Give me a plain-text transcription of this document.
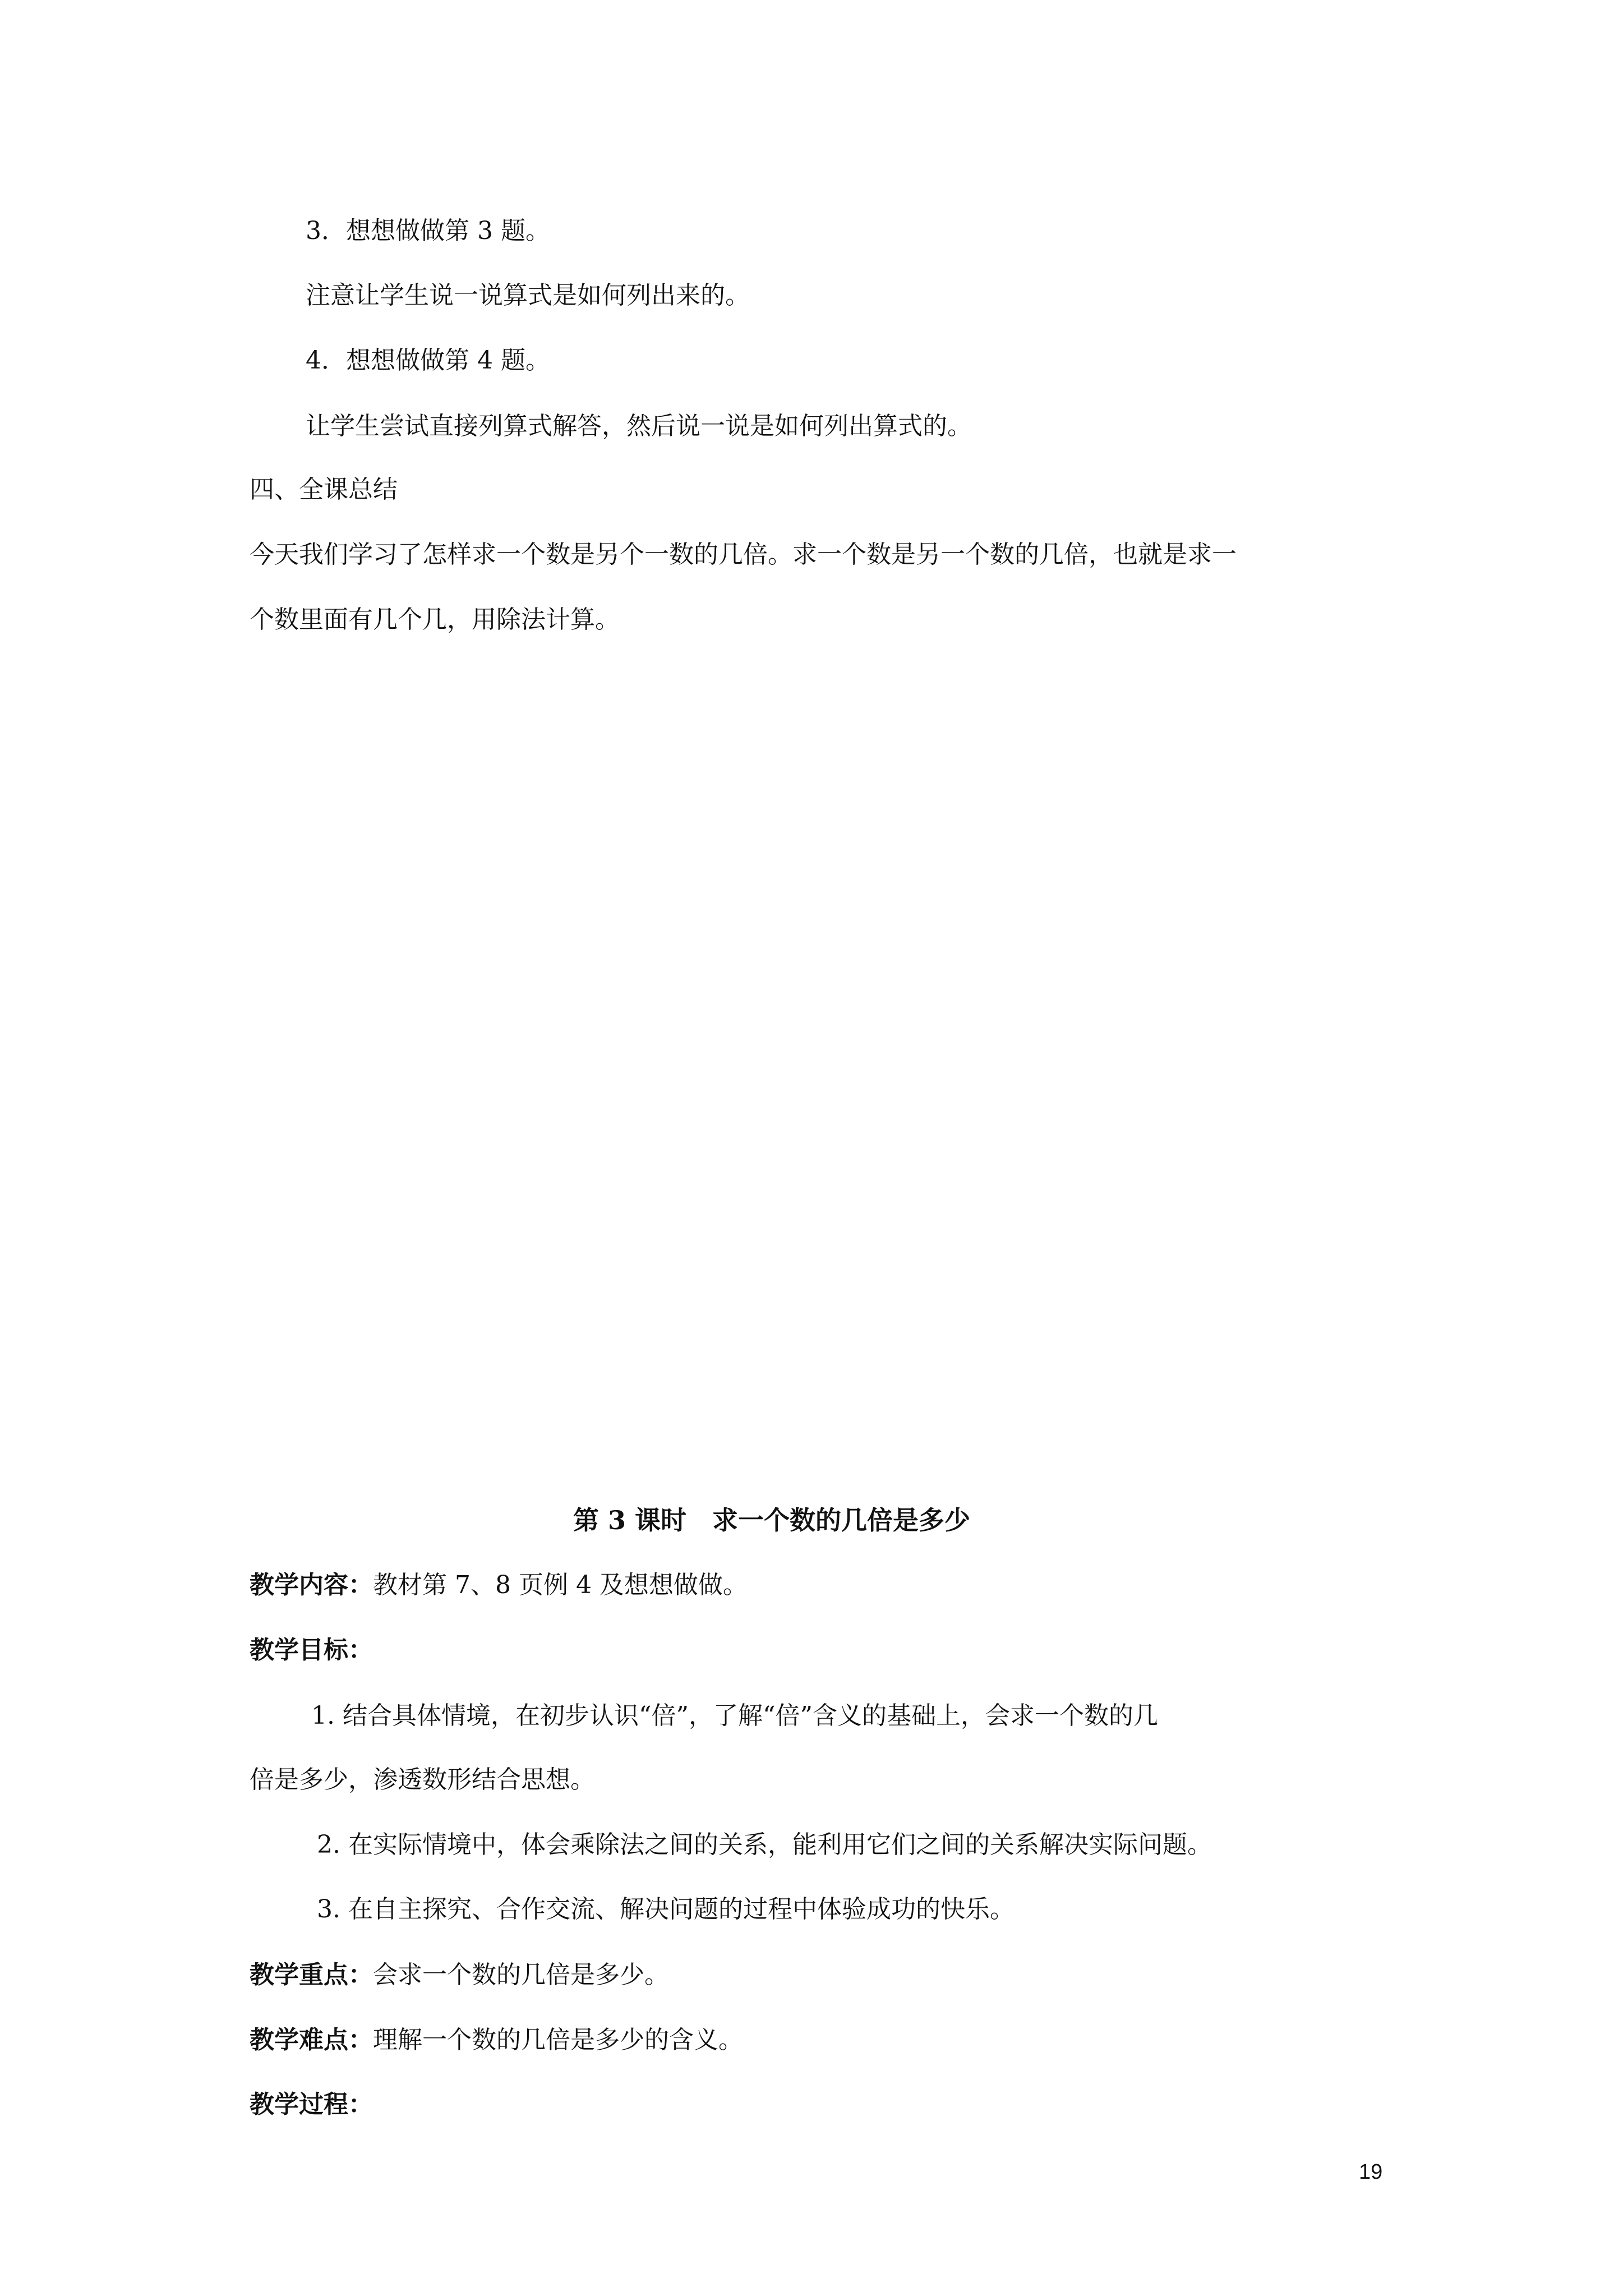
3．想想做做第 3 题。
注意让学生说一说算式是如何列出来的。
4．想想做做第 4 题。
让学生尝试直接列算式解答，然后说一说是如何列出算式的。
四、全课总结
今天我们学习了怎样求一个数是另个一数的几倍。求一个数是另一个数的几倍，也就是求一
个数里面有几个几，用除法计算。
第 3 课时　求一个数的几倍是多少
教学内容：教材第 7、8 页例 4 及想想做做。
教学目标：
1. 结合具体情境，在初步认识“倍”，了解“倍”含义的基础上，会求一个数的几
倍是多少，渗透数形结合思想。
2. 在实际情境中，体会乘除法之间的关系，能利用它们之间的关系解决实际问题。
3. 在自主探究、合作交流、解决问题的过程中体验成功的快乐。
教学重点：会求一个数的几倍是多少。
教学难点：理解一个数的几倍是多少的含义。
教学过程：
19
